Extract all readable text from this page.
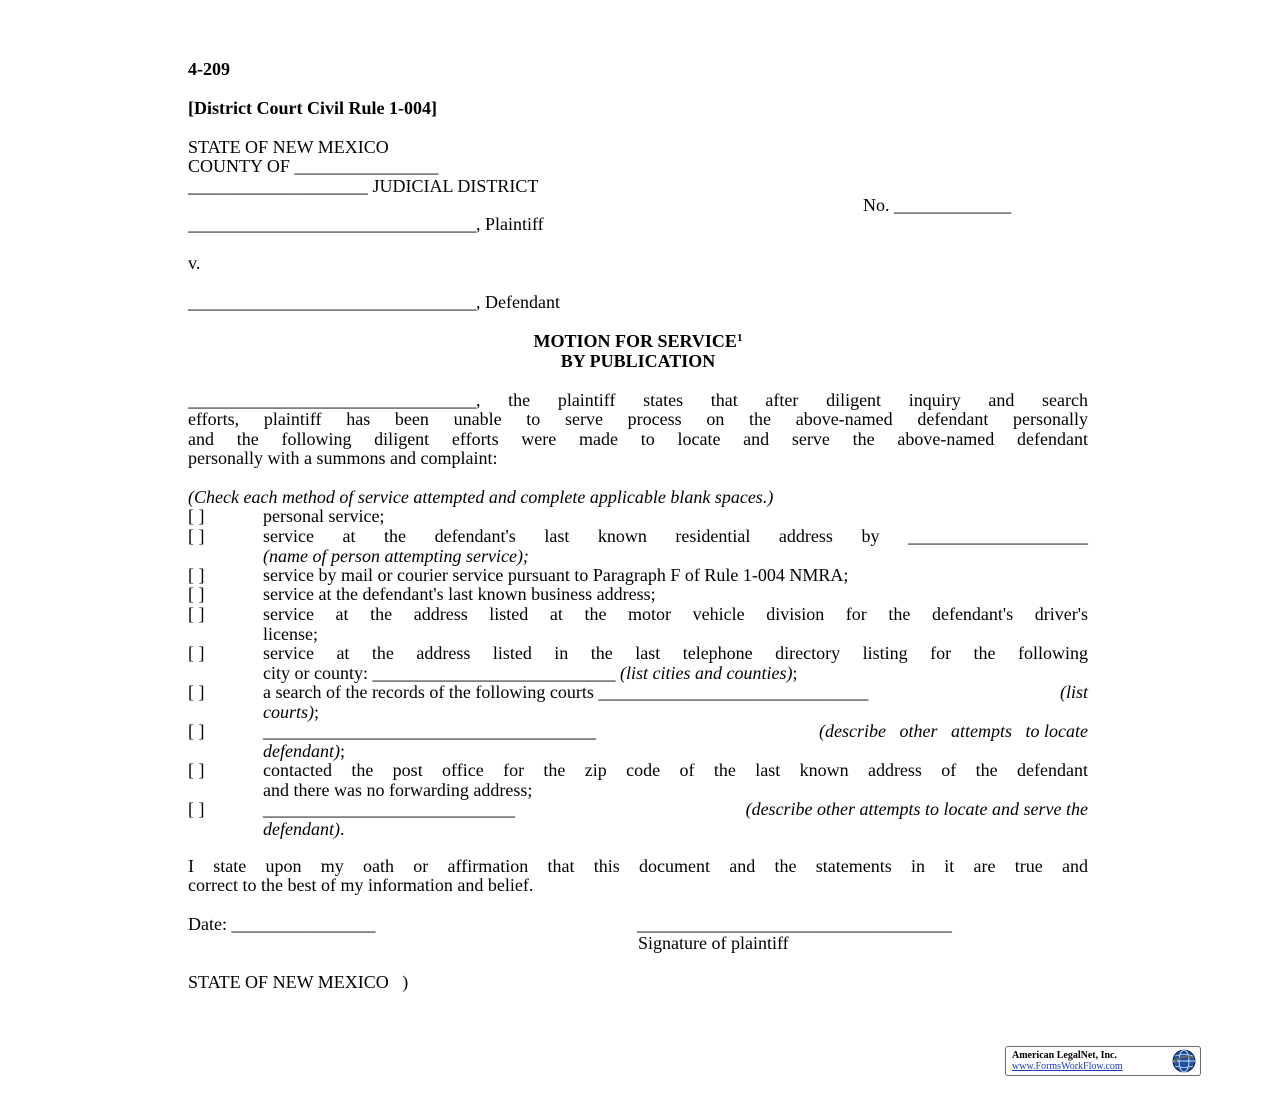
4-209
[District Court Civil Rule 1-004]
STATE OF NEW MEXICO
COUNTY OF ________________
____________________ JUDICIAL DISTRICT
No. _____________
________________________________, Plaintiff
v.
________________________________, Defendant
MOTION FOR SERVICE$^1$
BY PUBLICATION
________________________________, the plaintiff states that after diligent inquiry and search
efforts, plaintiff has been unable to serve process on the above-named defendant personally
and the following diligent efforts were made to locate and serve the above-named defendant
personally with a summons and complaint:
(Check each method of service attempted and complete applicable blank spaces.)
[ ]	personal service;
[ ]	service at the defendant's last known residential address by ____________________
(name of person attempting service);
[ ]	service by mail or courier service pursuant to Paragraph F of Rule 1-004 NMRA;
[ ]	service at the defendant's last known business address;
[ ]	service at the address listed at the motor vehicle division for the defendant's driver's
license;
[ ]	service at the address listed in the last telephone directory listing for the following
city or county: ___________________________ (list cities and counties);
[ ]	a search of the records of the following courts ______________________________	(list
courts);
[ ]	_____________________________________	(describe   other   attempts   to locate
defendant);
[ ]	contacted the post office for the zip code of the last known address of the defendant
and there was no forwarding address;
[ ]	____________________________	(describe other attempts to locate and serve the
defendant).
I state upon my oath or affirmation that this document and the statements in it are true and
correct to the best of my information and belief.
Date: ________________	___________________________________
Signature of plaintiff
STATE OF NEW MEXICO   )
American LegalNet, Inc.
www.FormsWorkFlow.com
